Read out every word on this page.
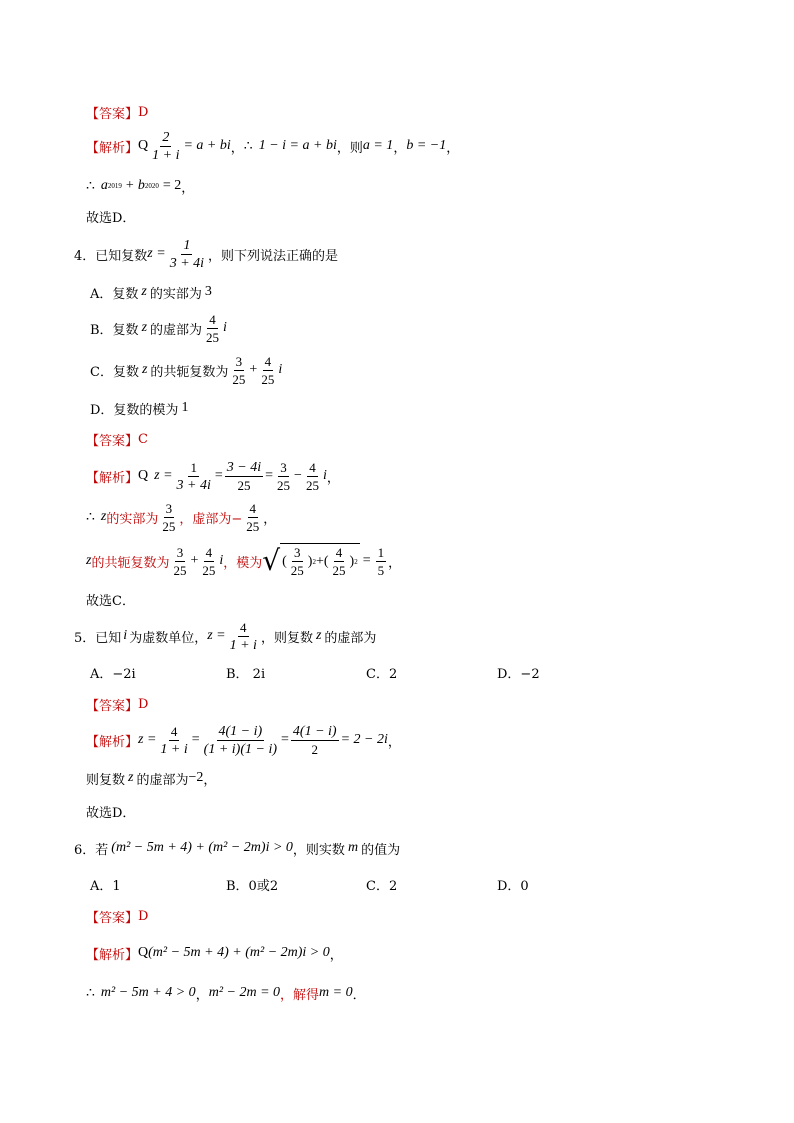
【答案】 D
【解析】 Q $\frac{2}{1 + i} = a$ + bi ， ∴ 1 − i = a + bi ，则 a = 1 ， b = −1 ，
∴ a 2019 + b 2020 = 2 ，
故选D．
4． 已知复数 $z = \frac{1}{3 + 4i}$ ，则下列说法正确的是
A．复数 z 的实部为 3
B．复数 z 的虚部为
4
25
i
C．复数 z 的共轭复数为
3
25
+ $\frac{4}{25}$ i
D．复数的模为 1
【答案】 C
【解析】 Q $z = \frac{1}{3 + 4i} = \frac{3 - 4i}{25} = \frac{3}{25} - \frac{4}{25}$ i ，
∴ z 的实部为
3
25 ，虚部为− $\frac{4}{25}$ ，
z 的共轭复数为
3
25
+ $\frac{4}{25}$ i ，模为 √ (
3
25
) 2 + (
4
25
) $2 = \frac{1}{5}$ ，
故选C．
5． 已知 i 为虚数单位， $z = \frac{4}{1 + i}$ ，则复数 z 的虚部为
A．−2i	B． 2i	C．2	D．−2
【答案】 D
【解析】 $z = \frac{4}{1 + i} = \frac{4(1 - i)}{(1 + i)(1 - i)} = \frac{4(1 - i)}{2} = 2 - 2i$ ，
则复数 z 的虚部为 −2 ，
故选D．
6． 若 (m² − 5m + 4) + (m² − 2m)i > 0 ，则实数 m 的值为
A．1	B．0或2	C．2	D．0
【答案】 D
【解析】 Q (m² − 5m + 4) + (m² − 2m)i > 0 ，
∴ m² − 5m + 4 > 0 ， m² − 2m = 0 ，解得 m = 0 ．
